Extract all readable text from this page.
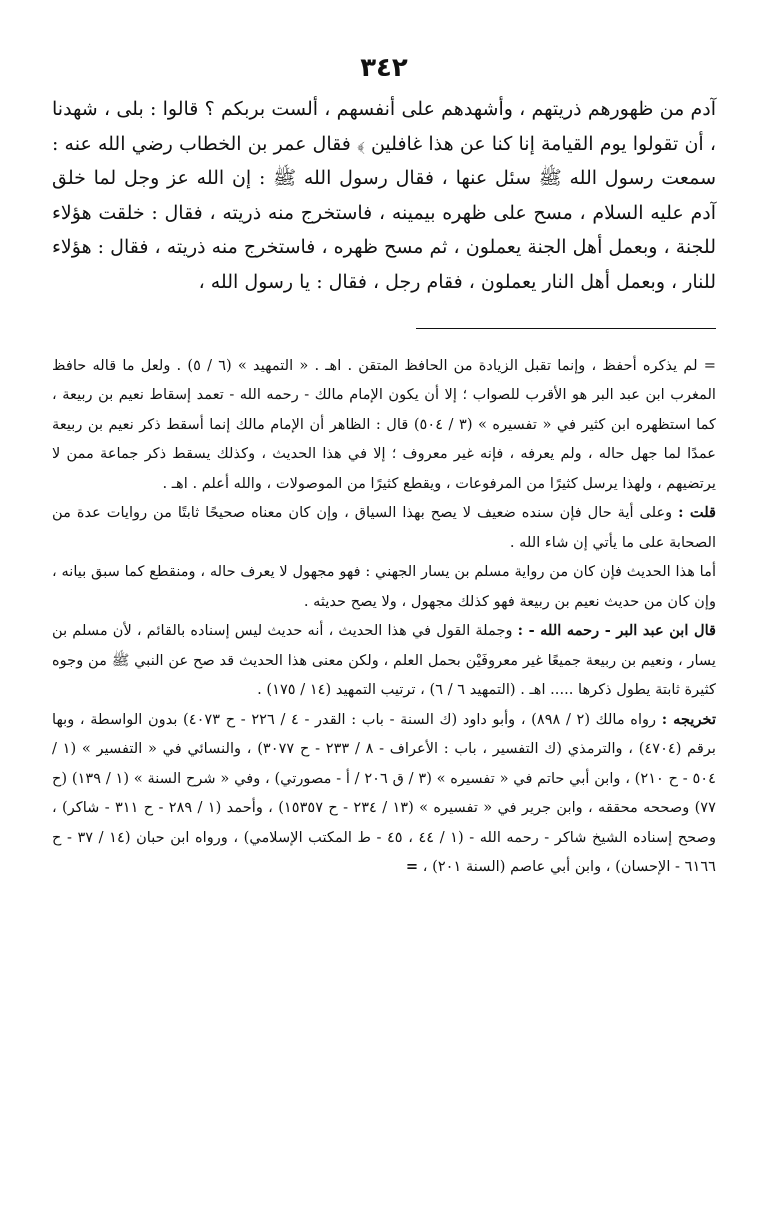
٣٤٢

آدم من ظهورهم ذريتهم ، وأشهدهم على أنفسهم ، ألست بربكم ؟ قالوا : بلى ، شهدنا ، أن تقولوا يوم القيامة إنا كنا عن هذا غافلين ﴾ فقال عمر بن الخطاب رضي الله عنه : سمعت رسول الله ﷺ سئل عنها ، فقال رسول الله ﷺ : إن الله عز وجل لما خلق آدم عليه السلام ، مسح على ظهره بيمينه ، فاستخرج منه ذريته ، فقال : خلقت هؤلاء للجنة ، وبعمل أهل الجنة يعملون ، ثم مسح ظهره ، فاستخرج منه ذريته ، فقال : هؤلاء للنار ، وبعمل أهل النار يعملون ، فقام رجل ، فقال : يا رسول الله ،

= لم يذكره أحفظ ، وإنما تقبل الزيادة من الحافظ المتقن . اهـ . « التمهيد » (٦ / ٥) . ولعل ما قاله حافظ المغرب ابن عبد البر هو الأقرب للصواب ؛ إلا أن يكون الإمام مالك - رحمه الله - تعمد إسقاط نعيم بن ربيعة ، كما استظهره ابن كثير في « تفسيره » (٣ / ٥٠٤) قال : الظاهر أن الإمام مالك إنما أسقط ذكر نعيم بن ربيعة عمدًا لما جهل حاله ، ولم يعرفه ، فإنه غير معروف ؛ إلا في هذا الحديث ، وكذلك يسقط ذكر جماعة ممن لا يرتضيهم ، ولهذا يرسل كثيرًا من المرفوعات ، ويقطع كثيرًا من الموصولات ، والله أعلم . اهـ .

قلت : وعلى أية حال فإن سنده ضعيف لا يصح بهذا السياق ، وإن كان معناه صحيحًا ثابتًا من روايات عدة من الصحابة على ما يأتي إن شاء الله .

أما هذا الحديث فإن كان من رواية مسلم بن يسار الجهني : فهو مجهول لا يعرف حاله ، ومنقطع كما سبق بيانه ، وإن كان من حديث نعيم بن ربيعة فهو كذلك مجهول ، ولا يصح حديثه .

قال ابن عبد البر - رحمه الله - : وجملة القول في هذا الحديث ، أنه حديث ليس إسناده بالقائم ، لأن مسلم بن يسار ، ونعيم بن ربيعة جميعًا غير معروفَيْن بحمل العلم ، ولكن معنى هذا الحديث قد صح عن النبي ﷺ من وجوه كثيرة ثابتة يطول ذكرها ..... اهـ . (التمهيد ٦ / ٦) ، ترتيب التمهيد (١٤ / ١٧٥) .

تخريجه : رواه مالك (٢ / ٨٩٨) ، وأبو داود (ك السنة - باب : القدر - ٤ / ٢٢٦ - ح ٤٠٧٣) بدون الواسطة ، وبها برقم (٤٧٠٤) ، والترمذي (ك التفسير ، باب : الأعراف - ٨ / ٢٣٣ - ح ٣٠٧٧) ، والنسائي في « التفسير » (١ / ٥٠٤ - ح ٢١٠) ، وابن أبي حاتم في « تفسيره » (٣ / ق ٢٠٦ / أ - مصورتي) ، وفي « شرح السنة » (١ / ١٣٩) (ح ٧٧) وصححه محققه ، وابن جرير في « تفسيره » (١٣ / ٢٣٤ - ح ١٥٣٥٧) ، وأحمد (١ / ٢٨٩ - ح ٣١١ - شاكر) ، وصحح إسناده الشيخ شاكر - رحمه الله - (١ / ٤٤ ، ٤٥ - ط المكتب الإسلامي) ، ورواه ابن حبان (١٤ / ٣٧ - ح ٦١٦٦ - الإحسان) ، وابن أبي عاصم (السنة ٢٠١) ، =
